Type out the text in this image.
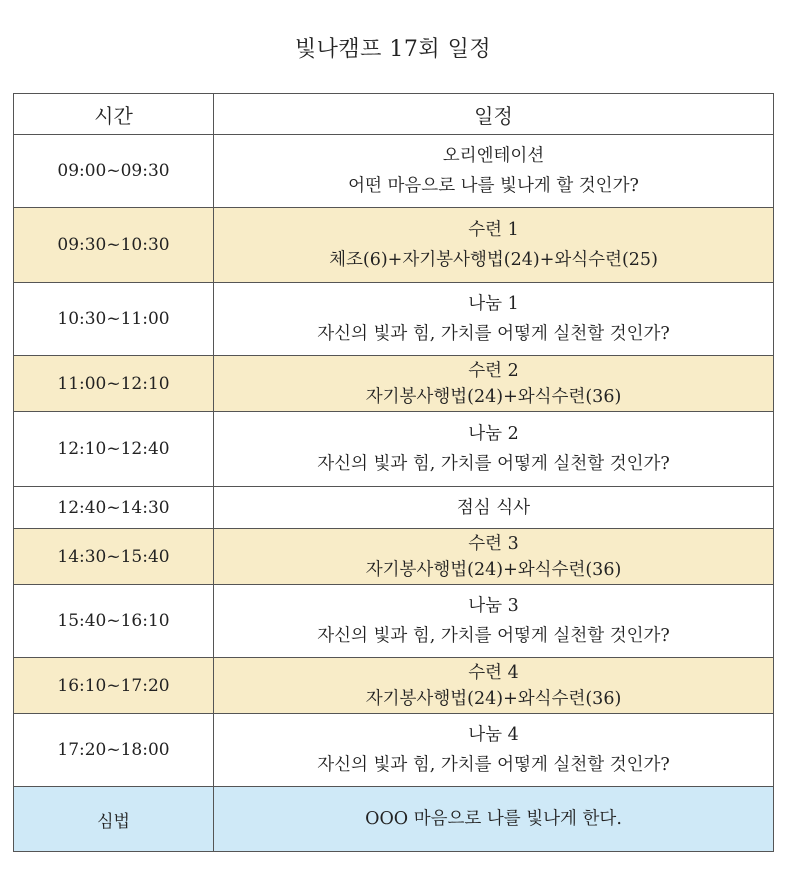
빛나캠프 17회 일정
시간	일정
09:00~09:30	오리엔테이션
어떤 마음으로 나를 빛나게 할 것인가?

09:30~10:30	수련 1
체조(6)+자기봉사행법(24)+와식수련(25)

10:30~11:00	나눔 1
자신의 빛과 힘, 가치를 어떻게 실천할 것인가?

11:00~12:10	수련 2
자기봉사행법(24)+와식수련(36)

12:10~12:40	나눔 2
자신의 빛과 힘, 가치를 어떻게 실천할 것인가?

12:40~14:30	점심 식사

14:30~15:40	수련 3
자기봉사행법(24)+와식수련(36)

15:40~16:10	나눔 3
자신의 빛과 힘, 가치를 어떻게 실천할 것인가?

16:10~17:20	수련 4
자기봉사행법(24)+와식수련(36)

17:20~18:00	나눔 4
자신의 빛과 힘, 가치를 어떻게 실천할 것인가?

심법	OOO 마음으로 나를 빛나게 한다.
